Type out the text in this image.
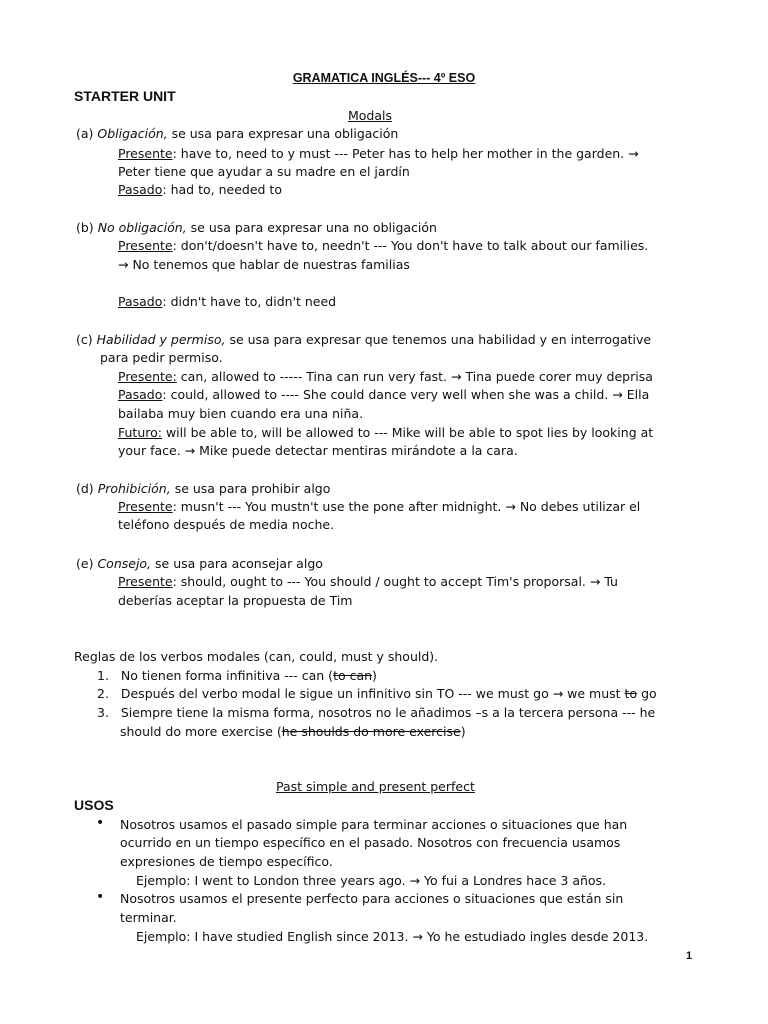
GRAMATICA INGLÉS--- 4º ESO
STARTER UNIT
Modals
(a) Obligación, se usa para expresar una obligación
Presente: have to, need to y must --- Peter has to help her mother in the garden. →
Peter tiene que ayudar a su madre en el jardín
Pasado: had to, needed to
(b) No obligación, se usa para expresar una no obligación
Presente: don't/doesn't have to, needn't --- You don't have to talk about our families.
→ No tenemos que hablar de nuestras familias
Pasado: didn't have to, didn't need
(c) Habilidad y permiso, se usa para expresar que tenemos una habilidad y en interrogative
para pedir permiso.
Presente: can, allowed to ----- Tina can run very fast. → Tina puede corer muy deprisa
Pasado: could, allowed to ---- She could dance very well when she was a child. → Ella
bailaba muy bien cuando era una niña.
Futuro: will be able to, will be allowed to --- Mike will be able to spot lies by looking at
your face. → Mike puede detectar mentiras mirándote a la cara.
(d) Prohibición, se usa para prohibir algo
Presente: musn't --- You mustn't use the pone after midnight. → No debes utilizar el
teléfono después de media noche.
(e) Consejo, se usa para aconsejar algo
Presente: should, ought to --- You should / ought to accept Tim's proporsal. → Tu
deberías aceptar la propuesta de Tim
Reglas de los verbos modales (can, could, must y should).
1. No tienen forma infinitiva --- can (to can)
2. Después del verbo modal le sigue un infinitivo sin TO --- we must go → we must to go
3. Siempre tiene la misma forma, nosotros no le añadimos –s a la tercera persona --- he
should do more exercise (he shoulds do more exercise)
Past simple and present perfect
USOS
• Nosotros usamos el pasado simple para terminar acciones o situaciones que han
ocurrido en un tiempo específico en el pasado. Nosotros con frecuencia usamos
expresiones de tiempo específico.
Ejemplo: I went to London three years ago. → Yo fui a Londres hace 3 años.
• Nosotros usamos el presente perfecto para acciones o situaciones que están sin
terminar.
Ejemplo: I have studied English since 2013. → Yo he estudiado ingles desde 2013.
1
